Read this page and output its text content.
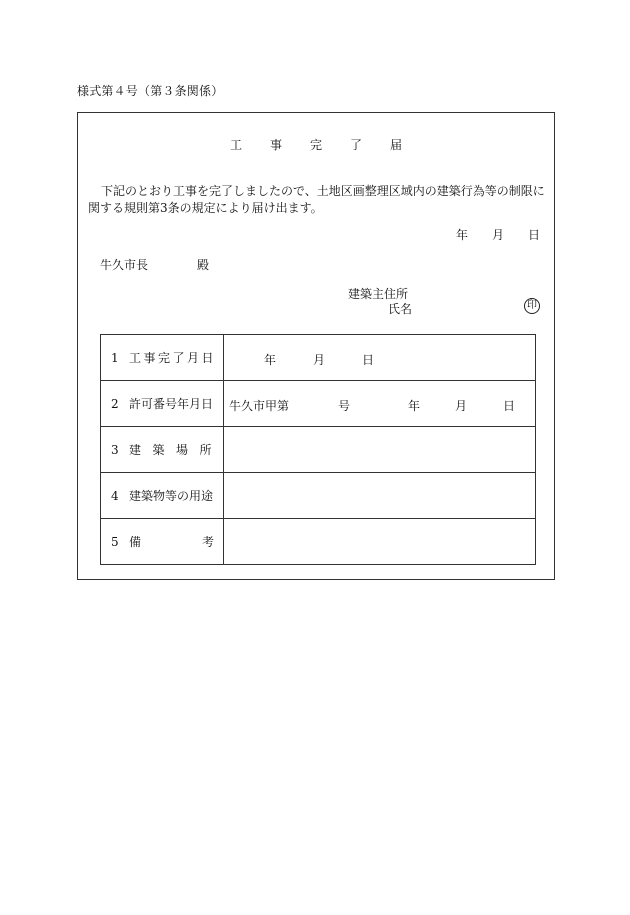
様式第４号（第３条関係）
工 事 完 了 届
下記のとおり工事を完了しましたので、土地区画整理区域内の建築行為等の制限に関する規則第3条の規定により届け出ます。
年 月 日
牛久市長	殿
建築主住所
氏名	印
1 工事完了月日	年 月 日

2 許可番号年月日	牛久市甲第 号 年 月 日

3 建築場所	
4 建築物等の用途	
5 備 考	
